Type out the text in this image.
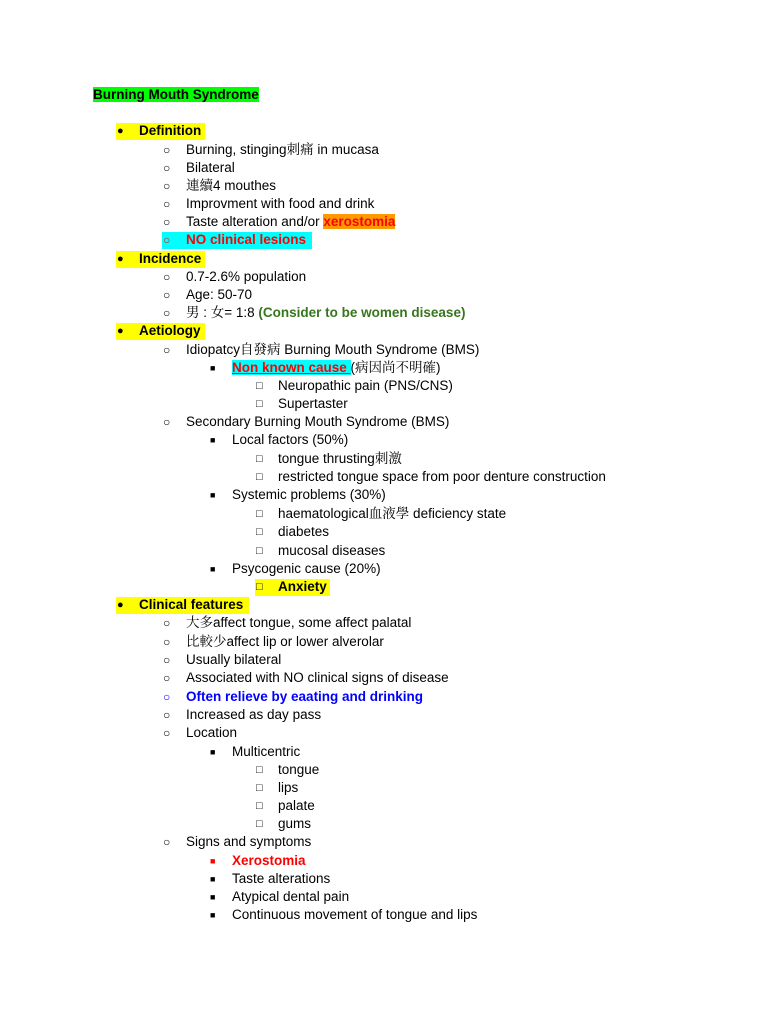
Burning Mouth Syndrome
● Definition
○ Burning, stinging刺痛 in mucasa
○ Bilateral
○ 連續4 mouthes
○ Improvment with food and drink
○ Taste alteration and/or xerostomia
○ NO clinical lesions
● Incidence
○ 0.7-2.6% population
○ Age: 50-70
○ 男 : 女= 1:8 (Consider to be women disease)
● Aetiology
○ Idiopatcy自發病 Burning Mouth Syndrome (BMS)
■ Non known cause (病因尚不明確)
□ Neuropathic pain (PNS/CNS)
□ Supertaster
○ Secondary Burning Mouth Syndrome (BMS)
■ Local factors (50%)
□ tongue thrusting刺激
□ restricted tongue space from poor denture construction
■ Systemic problems (30%)
□ haematological血液學 deficiency state
□ diabetes
□ mucosal diseases
■ Psycogenic cause (20%)
□ Anxiety
● Clinical features
○ 大多affect tongue, some affect palatal
○ 比較少affect lip or lower alverolar
○ Usually bilateral
○ Associated with NO clinical signs of disease
○ Often relieve by eaating and drinking
○ Increased as day pass
○ Location
■ Multicentric
□ tongue
□ lips
□ palate
□ gums
○ Signs and symptoms
■ Xerostomia
■ Taste alterations
■ Atypical dental pain
■ Continuous movement of tongue and lips
